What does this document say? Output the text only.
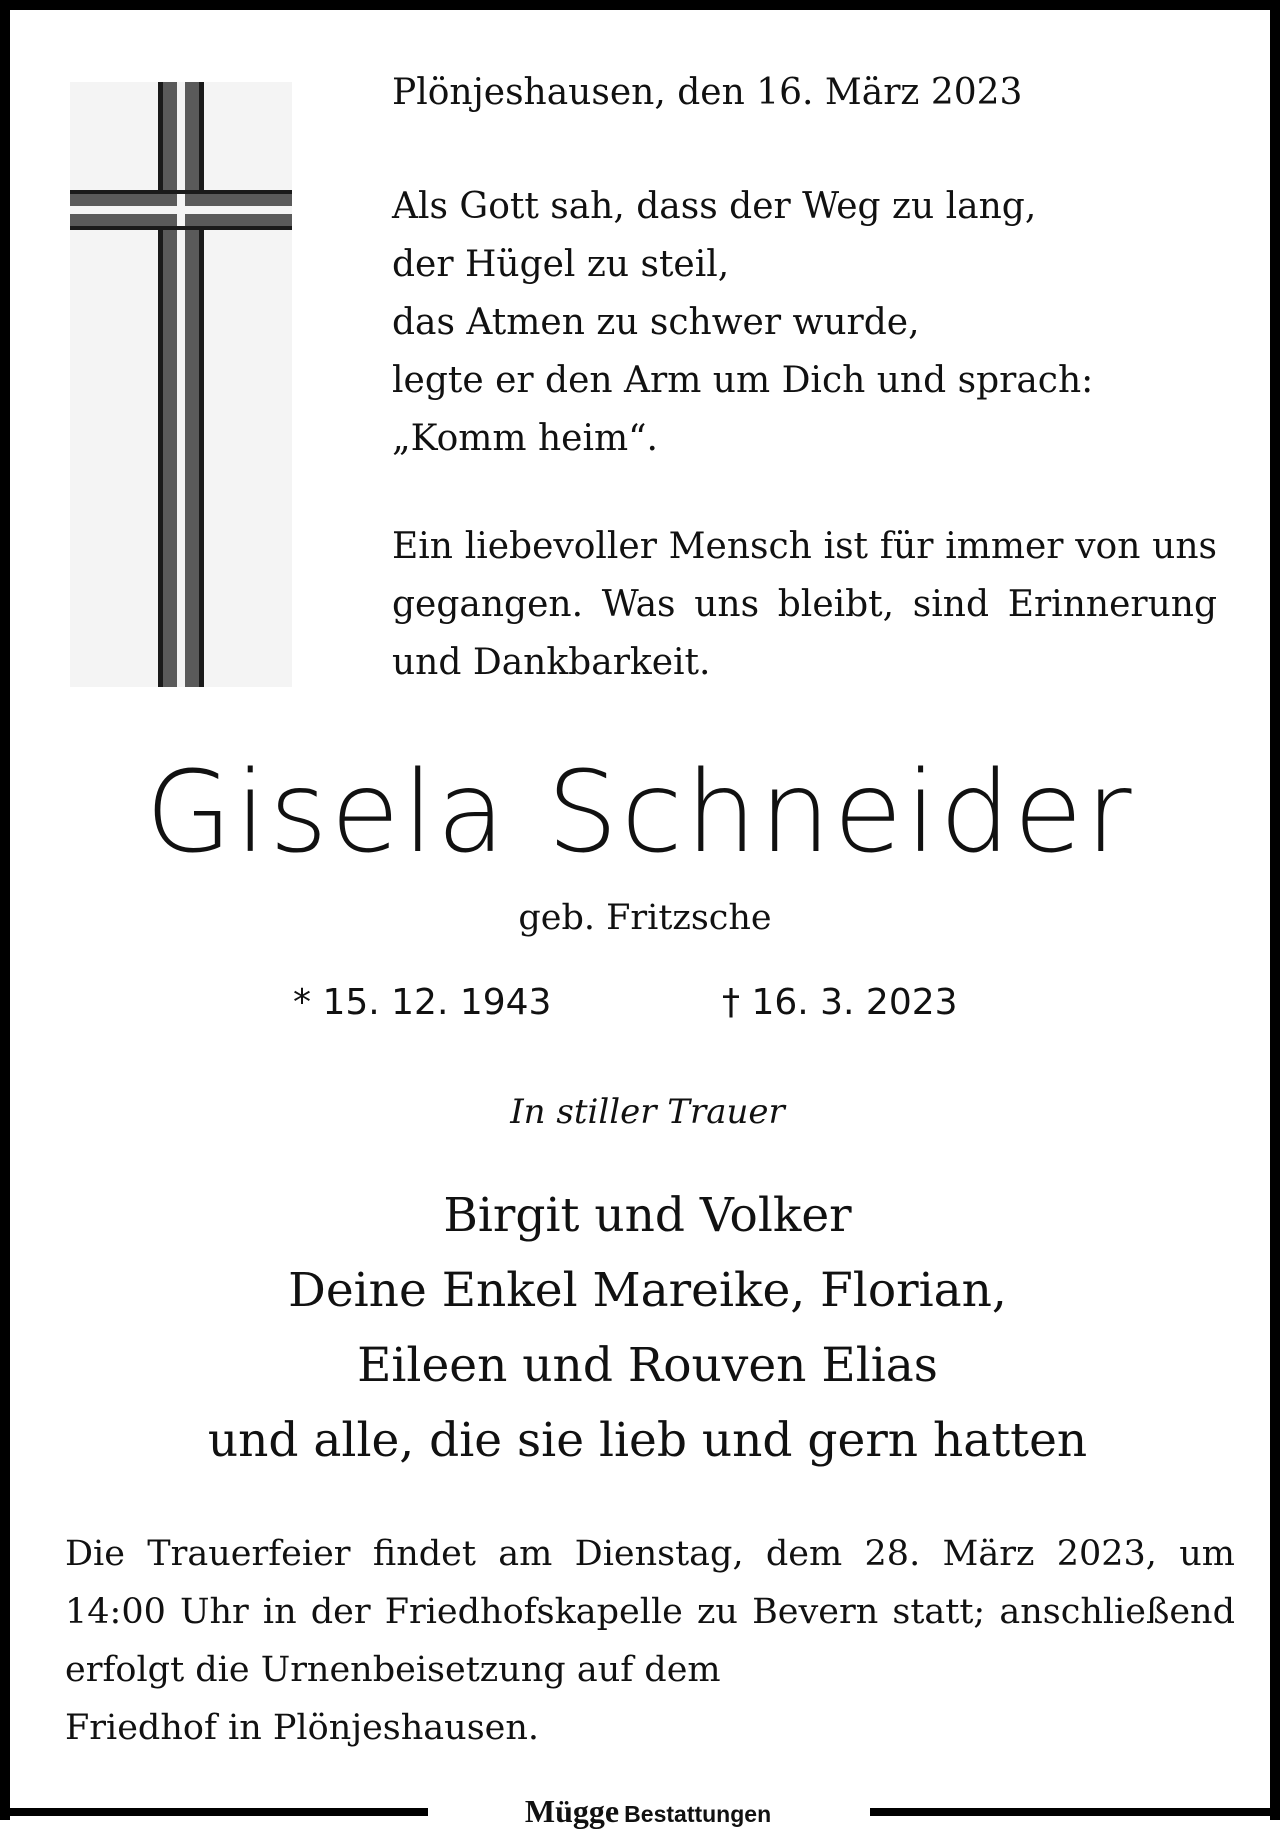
Plönjeshausen, den 16. März 2023
Als Gott sah, dass der Weg zu lang,
der Hügel zu steil,
das Atmen zu schwer wurde,
legte er den Arm um Dich und sprach:
„Komm heim“.
Ein liebevoller Mensch ist für immer von uns gegangen. Was uns bleibt, sind Erinnerung und Dankbarkeit.
Gisela Schneider
geb. Fritzsche
* 15. 12. 1943	† 16. 3. 2023
In stiller Trauer
Birgit und Volker
Deine Enkel Mareike, Florian,
Eileen und Rouven Elias
und alle, die sie lieb und gern hatten
Die Trauerfeier findet am Dienstag, dem 28. März 2023, um 14:00 Uhr in der Friedhofskapelle zu Bevern statt; anschließend erfolgt die Urnenbeisetzung auf dem
Friedhof in Plönjeshausen.
Mügge Bestattungen
